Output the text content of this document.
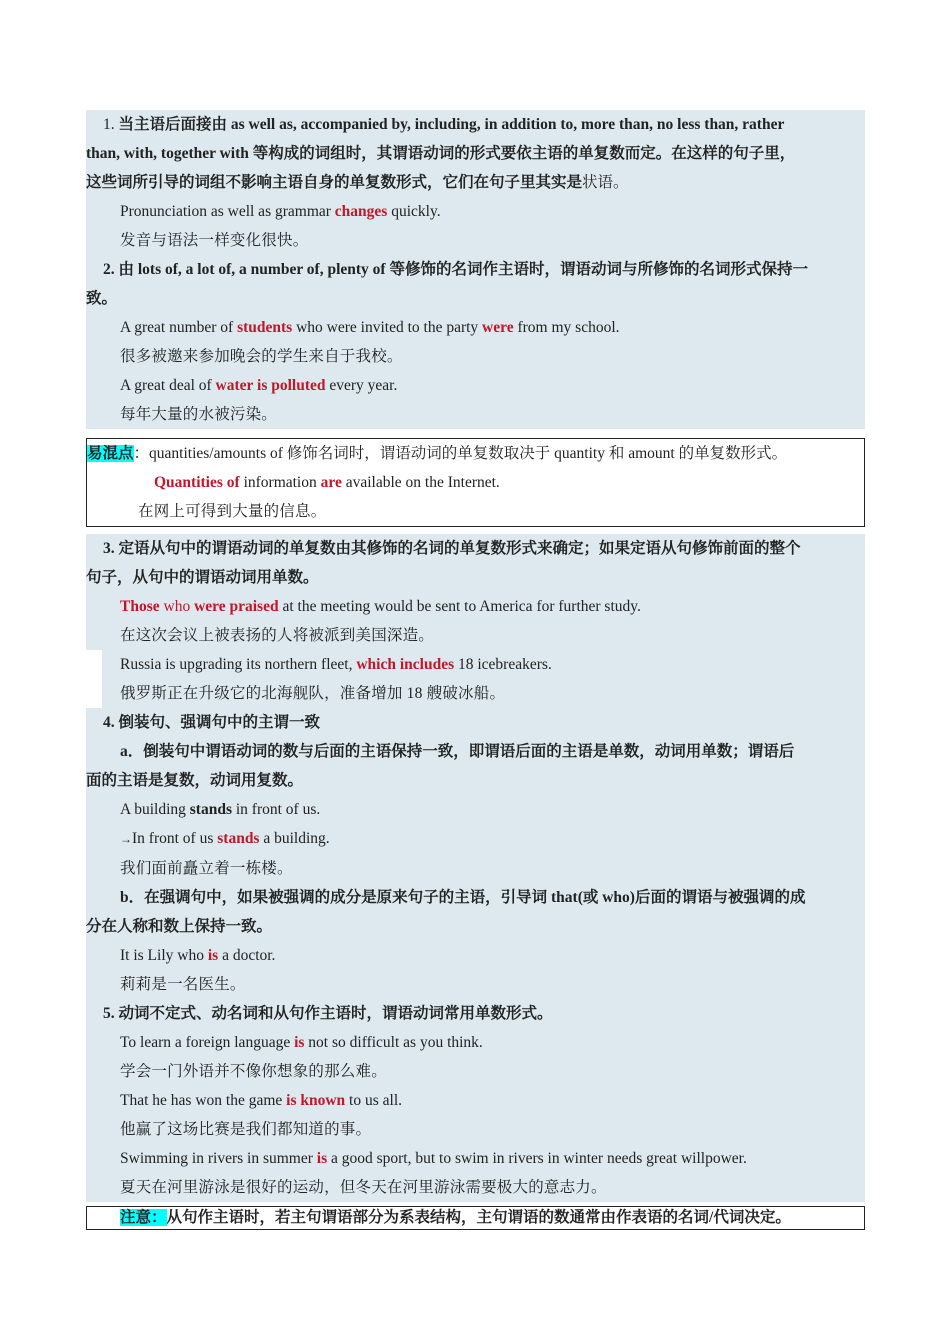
1. 当主语后面接由 as well as, accompanied by, including, in addition to, more than, no less than, rather
than, with, together with 等构成的词组时，其谓语动词的形式要依主语的单复数而定。在这样的句子里，
这些词所引导的词组不影响主语自身的单复数形式，它们在句子里其实是状语。
Pronunciation as well as grammar changes quickly.
发音与语法一样变化很快。
2. 由 lots of, a lot of, a number of, plenty of 等修饰的名词作主语时，谓语动词与所修饰的名词形式保持一
致。
A great number of students who were invited to the party were from my school.
很多被邀来参加晚会的学生来自于我校。
A great deal of water is polluted every year.
每年大量的水被污染。
易混点：quantities/amounts of 修饰名词时，谓语动词的单复数取决于 quantity 和 amount 的单复数形式。
Quantities of information are available on the Internet.
在网上可得到大量的信息。
3. 定语从句中的谓语动词的单复数由其修饰的名词的单复数形式来确定；如果定语从句修饰前面的整个
句子，从句中的谓语动词用单数。
Those who were praised at the meeting would be sent to America for further study.
在这次会议上被表扬的人将被派到美国深造。
Russia is upgrading its northern fleet, which includes 18 icebreakers.
俄罗斯正在升级它的北海舰队，准备增加 18 艘破冰船。
4. 倒装句、强调句中的主谓一致
a．倒装句中谓语动词的数与后面的主语保持一致，即谓语后面的主语是单数，动词用单数；谓语后
面的主语是复数，动词用复数。
A building stands in front of us.
→In front of us stands a building.
我们面前矗立着一栋楼。
b．在强调句中，如果被强调的成分是原来句子的主语，引导词 that(或 who)后面的谓语与被强调的成
分在人称和数上保持一致。
It is Lily who is a doctor.
莉莉是一名医生。
5. 动词不定式、动名词和从句作主语时，谓语动词常用单数形式。
To learn a foreign language is not so difficult as you think.
学会一门外语并不像你想象的那么难。
That he has won the game is known to us all.
他赢了这场比赛是我们都知道的事。
Swimming in rivers in summer is a good sport, but to swim in rivers in winter needs great willpower.
夏天在河里游泳是很好的运动，但冬天在河里游泳需要极大的意志力。
注意：从句作主语时，若主句谓语部分为系表结构，主句谓语的数通常由作表语的名词/代词决定。
